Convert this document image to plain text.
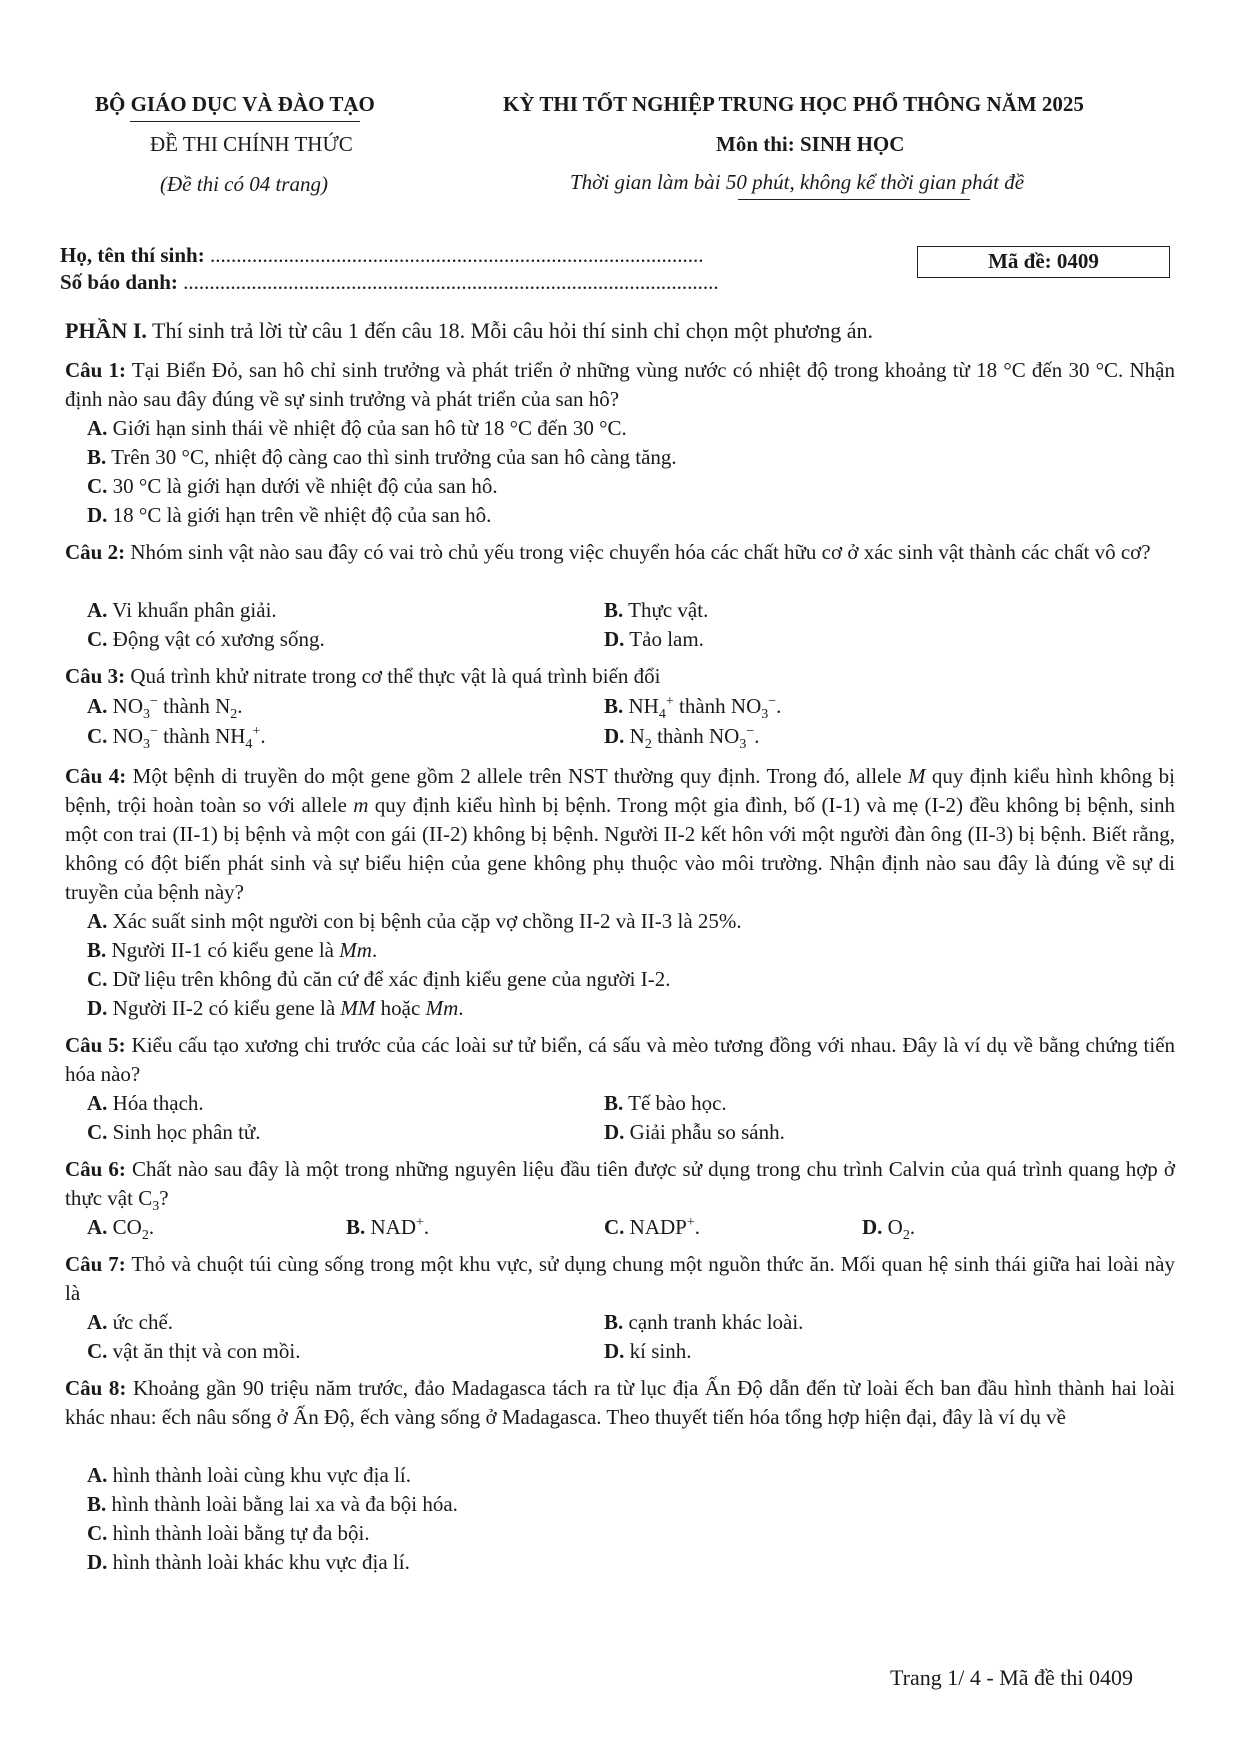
BỘ GIÁO DỤC VÀ ĐÀO TẠO
ĐỀ THI CHÍNH THỨC
(Đề thi có 04 trang)
KỲ THI TỐT NGHIỆP TRUNG HỌC PHỔ THÔNG NĂM 2025
Môn thi: SINH HỌC
Thời gian làm bài 50 phút, không kể thời gian phát đề
Họ, tên thí sinh: ..............................................................................................
Số báo danh: ......................................................................................................
Mã đề: 0409
PHẦN I. Thí sinh trả lời từ câu 1 đến câu 18. Mỗi câu hỏi thí sinh chỉ chọn một phương án.

Câu 1: Tại Biển Đỏ, san hô chỉ sinh trưởng và phát triển ở những vùng nước có nhiệt độ trong khoảng từ 18 °C đến 30 °C. Nhận định nào sau đây đúng về sự sinh trưởng và phát triển của san hô?

A. Giới hạn sinh thái về nhiệt độ của san hô từ 18 °C đến 30 °C.
B. Trên 30 °C, nhiệt độ càng cao thì sinh trưởng của san hô càng tăng.
C. 30 °C là giới hạn dưới về nhiệt độ của san hô.
D. 18 °C là giới hạn trên về nhiệt độ của san hô.

Câu 2: Nhóm sinh vật nào sau đây có vai trò chủ yếu trong việc chuyển hóa các chất hữu cơ ở xác sinh vật thành các chất vô cơ?

A. Vi khuẩn phân giải.	B. Thực vật.
C. Động vật có xương sống.	D. Tảo lam.

Câu 3: Quá trình khử nitrate trong cơ thể thực vật là quá trình biến đổi

A. $NO_3^-$ thành $N_2$.	B. $NH_4^+$ thành $NO_3^-$.
C. $NO_3^-$ thành $NH_4^+$.	D. $N_2$ thành $NO_3^-$.

Câu 4: Một bệnh di truyền do một gene gồm 2 allele trên NST thường quy định. Trong đó, allele M quy định kiểu hình không bị bệnh, trội hoàn toàn so với allele m quy định kiểu hình bị bệnh. Trong một gia đình, bố (I-1) và mẹ (I-2) đều không bị bệnh, sinh một con trai (II-1) bị bệnh và một con gái (II-2) không bị bệnh. Người II-2 kết hôn với một người đàn ông (II-3) bị bệnh. Biết rằng, không có đột biến phát sinh và sự biểu hiện của gene không phụ thuộc vào môi trường. Nhận định nào sau đây là đúng về sự di truyền của bệnh này?

A. Xác suất sinh một người con bị bệnh của cặp vợ chồng II-2 và II-3 là 25%.
B. Người II-1 có kiểu gene là Mm.
C. Dữ liệu trên không đủ căn cứ để xác định kiểu gene của người I-2.
D. Người II-2 có kiểu gene là MM hoặc Mm.

Câu 5: Kiểu cấu tạo xương chi trước của các loài sư tử biển, cá sấu và mèo tương đồng với nhau. Đây là ví dụ về bằng chứng tiến hóa nào?

A. Hóa thạch.	B. Tế bào học.
C. Sinh học phân tử.	D. Giải phẫu so sánh.

Câu 6: Chất nào sau đây là một trong những nguyên liệu đầu tiên được sử dụng trong chu trình Calvin của quá trình quang hợp ở thực vật $C_3$?

A. $CO_2$.	B. NAD+.	C. NADP+.	D. $O_2$.

Câu 7: Thỏ và chuột túi cùng sống trong một khu vực, sử dụng chung một nguồn thức ăn. Mối quan hệ sinh thái giữa hai loài này là

A. ức chế.	B. cạnh tranh khác loài.
C. vật ăn thịt và con mồi.	D. kí sinh.

Câu 8: Khoảng gần 90 triệu năm trước, đảo Madagasca tách ra từ lục địa Ấn Độ dẫn đến từ loài ếch ban đầu hình thành hai loài khác nhau: ếch nâu sống ở Ấn Độ, ếch vàng sống ở Madagasca. Theo thuyết tiến hóa tổng hợp hiện đại, đây là ví dụ về

A. hình thành loài cùng khu vực địa lí.
B. hình thành loài bằng lai xa và đa bội hóa.
C. hình thành loài bằng tự đa bội.
D. hình thành loài khác khu vực địa lí.
Trang 1/ 4 - Mã đề thi 0409
